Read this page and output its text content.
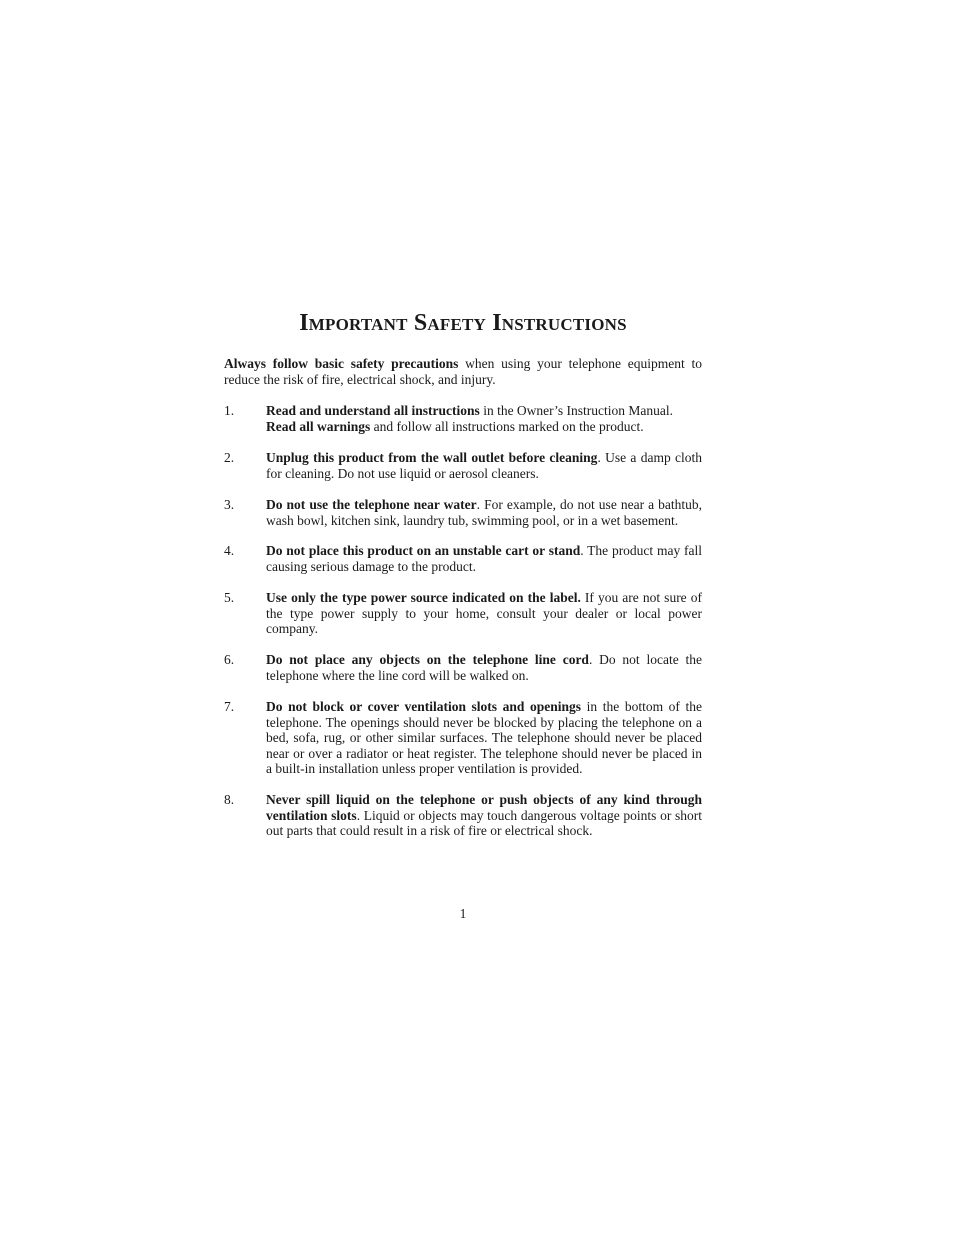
Important Safety Instructions

Always follow basic safety precautions when using your telephone equipment to reduce the risk of fire, electrical shock, and injury.

1.	Read and understand all instructions in the Owner’s Instruction Manual.
Read all warnings and follow all instructions marked on the product.
2.	Unplug this product from the wall outlet before cleaning. Use a damp cloth for cleaning. Do not use liquid or aerosol cleaners.
3.	Do not use the telephone near water. For example, do not use near a bathtub, wash bowl, kitchen sink, laundry tub, swimming pool, or in a wet basement.
4.	Do not place this product on an unstable cart or stand. The product may fall causing serious damage to the product.
5.	Use only the type power source indicated on the label. If you are not sure of the type power supply to your home, consult your dealer or local power company.
6.	Do not place any objects on the telephone line cord. Do not locate the telephone where the line cord will be walked on.
7.	Do not block or cover ventilation slots and openings in the bottom of the telephone. The openings should never be blocked by placing the telephone on a bed, sofa, rug, or other similar surfaces. The telephone should never be placed near or over a radiator or heat register. The telephone should never be placed in a built-in installation unless proper ventilation is provided.
8.	Never spill liquid on the telephone or push objects of any kind through ventilation slots. Liquid or objects may touch dangerous voltage points or short out parts that could result in a risk of fire or electrical shock.
1
